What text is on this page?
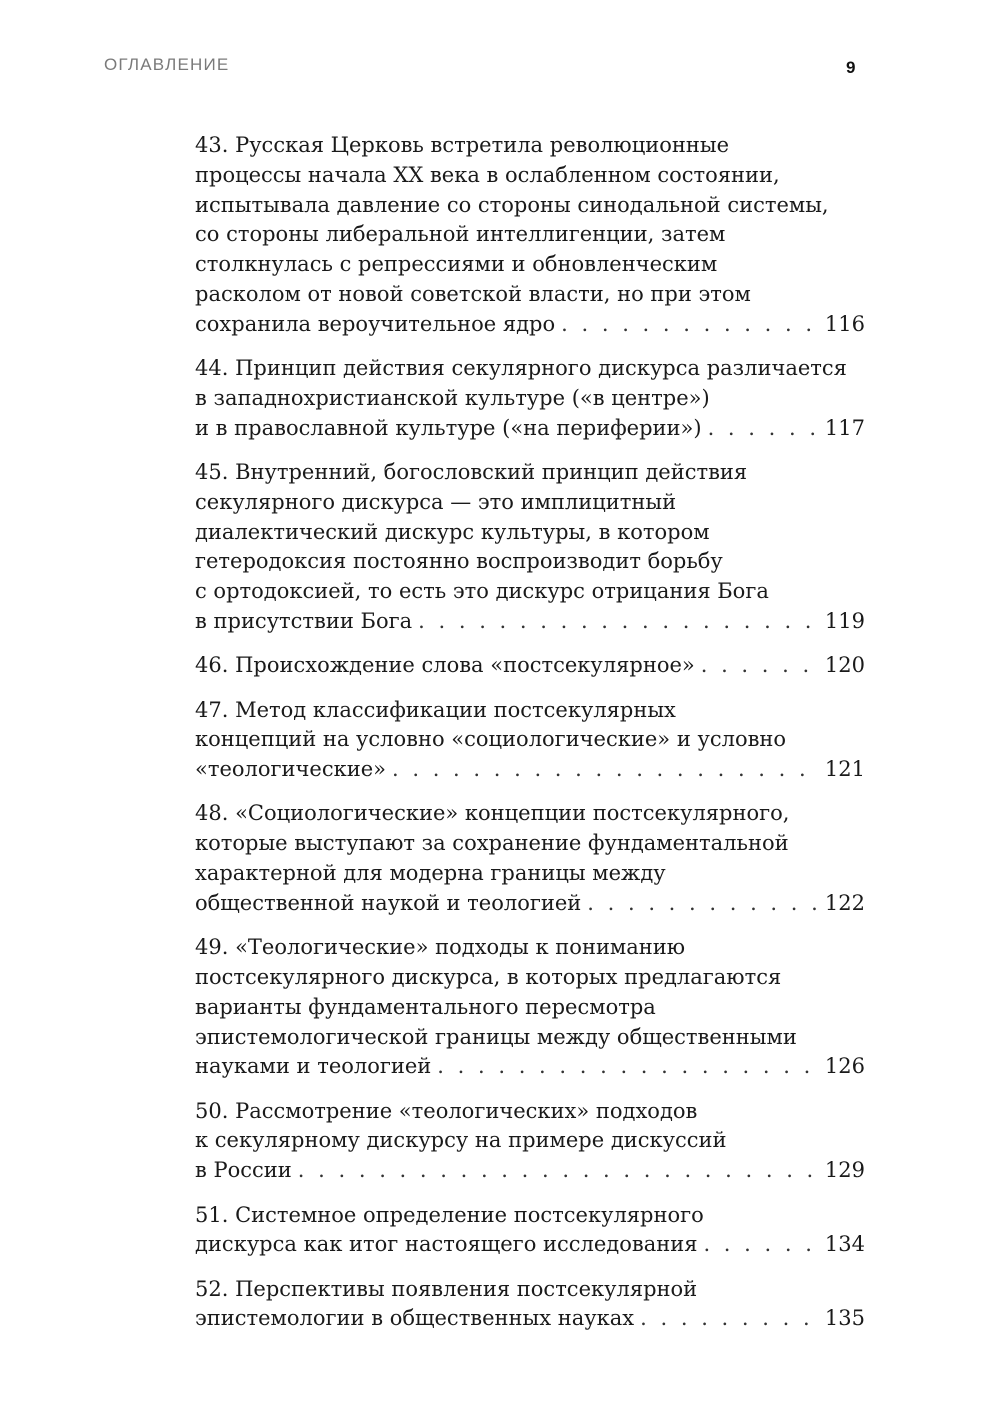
ОГЛАВЛЕНИЕ	9
43. Русская Церковь встретила революционные
процессы начала XX века в ослабленном состоянии,
испытывала давление со стороны синодальной системы,
со стороны либеральной интеллигенции, затем
столкнулась с репрессиями и обновленческим
расколом от новой советской власти, но при этом
сохранила вероучительное ядро . . .	116
44. Принцип действия секулярного дискурса различается
в западнохристианской культуре («в центре»)
и в православной культуре («на периферии») . . .	117
45. Внутренний, богословский принцип действия
секулярного дискурса — это имплицитный
диалектический дискурс культуры, в котором
гетеродоксия постоянно воспроизводит борьбу
с ортодоксией, то есть это дискурс отрицания Бога
в присутствии Бога . . .	119
46. Происхождение слова «постсекулярное» . . .	120
47. Метод классификации постсекулярных
концепций на условно «социологические» и условно
«теологические» . . .	121
48. «Социологические» концепции постсекулярного,
которые выступают за сохранение фундаментальной
характерной для модерна границы между
общественной наукой и теологией . . .	122
49. «Теологические» подходы к пониманию
постсекулярного дискурса, в которых предлагаются
варианты фундаментального пересмотра
эпистемологической границы между общественными
науками и теологией . . .	126
50. Рассмотрение «теологических» подходов
к секулярному дискурсу на примере дискуссий
в России . . .	129
51. Системное определение постсекулярного
дискурса как итог настоящего исследования . . .	134
52. Перспективы появления постсекулярной
эпистемологии в общественных науках . . .	135
